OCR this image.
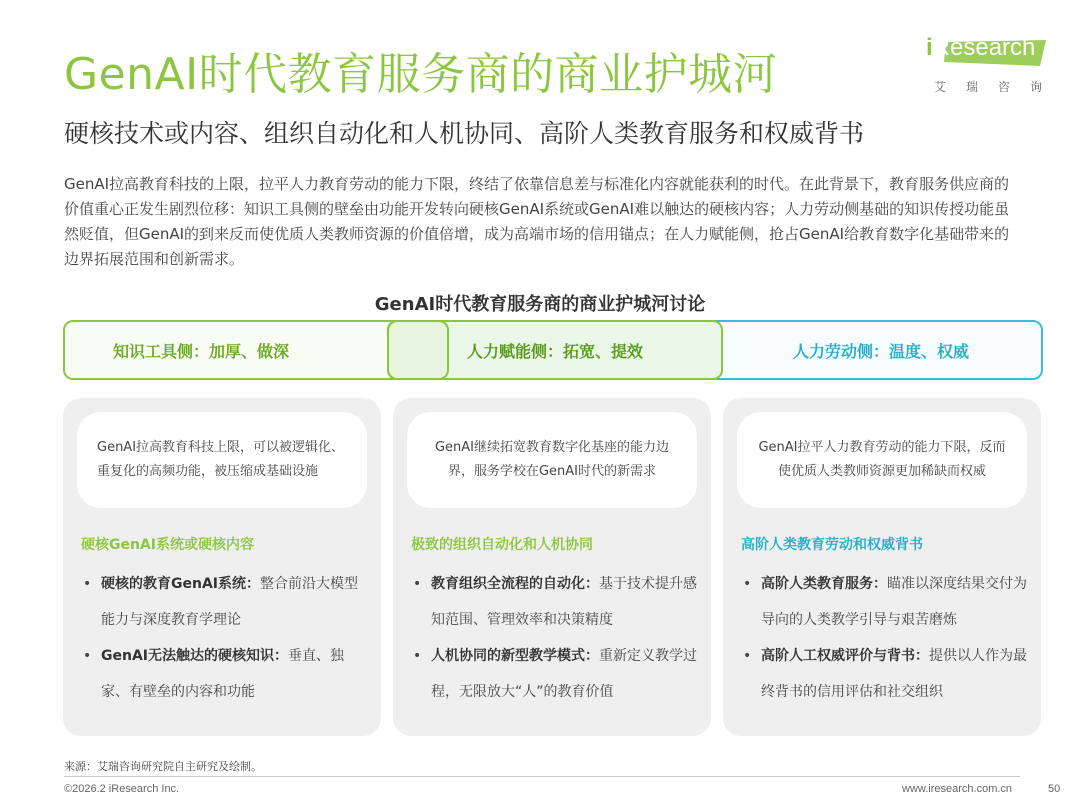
GenAI时代教育服务商的商业护城河
硬核技术或内容、组织自动化和人机协同、高阶人类教育服务和权威背书
iResearch
艾瑞咨询
GenAI拉高教育科技的上限，拉平人力教育劳动的能力下限，终结了依靠信息差与标准化内容就能获利的时代。在此背景下，教育服务供应商的价值重心正发生剧烈位移：知识工具侧的壁垒由功能开发转向硬核GenAI系统或GenAI难以触达的硬核内容；人力劳动侧基础的知识传授功能虽然贬值，但GenAI的到来反而使优质人类教师资源的价值倍增，成为高端市场的信用锚点；在人力赋能侧，抢占GenAI给教育数字化基础带来的边界拓展范围和创新需求。
GenAI时代教育服务商的商业护城河讨论
人力劳动侧：温度、权威
知识工具侧：加厚、做深	人力赋能侧：拓宽、提效
GenAI拉高教育科技上限，可以被逻辑化、重复化的高频功能，被压缩成基础设施
硬核GenAI系统或硬核内容
• 硬核的教育GenAI系统：整合前沿大模型能力与深度教育学理论
• GenAI无法触达的硬核知识：垂直、独家、有壁垒的内容和功能
GenAI继续拓宽教育数字化基座的能力边界，服务学校在GenAI时代的新需求
极致的组织自动化和人机协同
• 教育组织全流程的自动化：基于技术提升感知范围、管理效率和决策精度
• 人机协同的新型教学模式：重新定义教学过程，无限放大“人”的教育价值
GenAI拉平人力教育劳动的能力下限，反而使优质人类教师资源更加稀缺而权威
高阶人类教育劳动和权威背书
• 高阶人类教育服务：瞄准以深度结果交付为导向的人类教学引导与艰苦磨炼
• 高阶人工权威评价与背书：提供以人作为最终背书的信用评估和社交组织
来源：艾瑞咨询研究院自主研究及绘制。
©2026.2 iResearch Inc.	www.iresearch.com.cn	50
